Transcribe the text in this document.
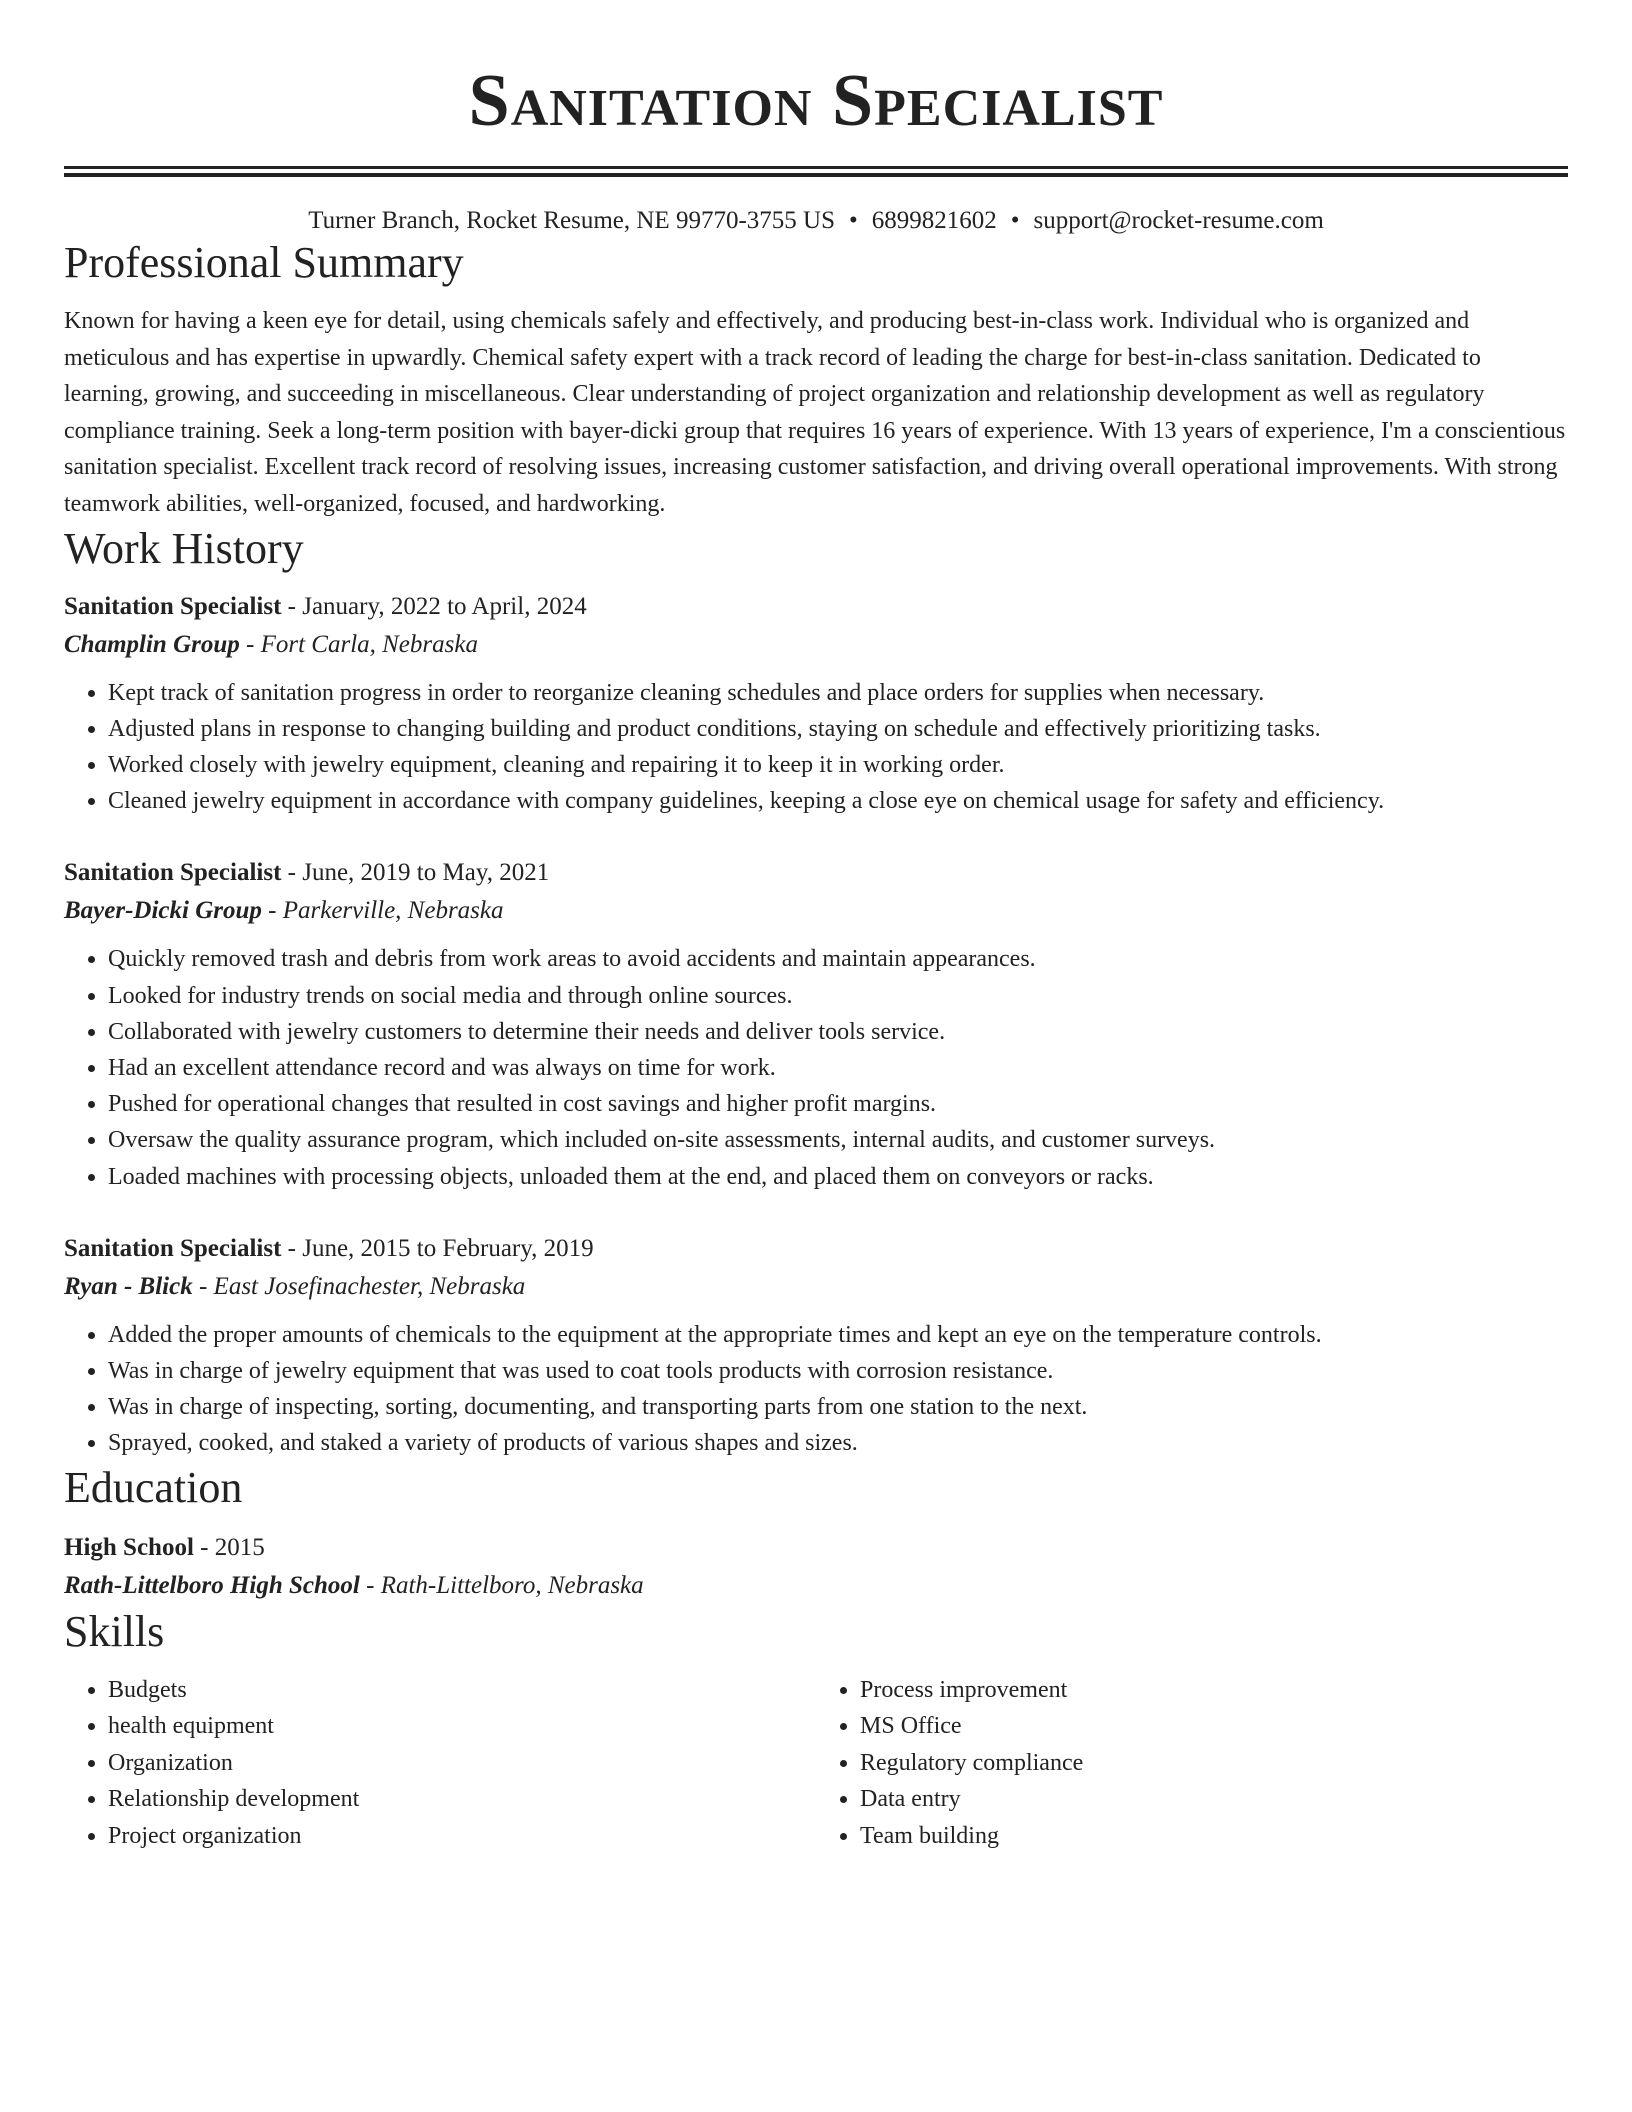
Sanitation Specialist
Turner Branch, Rocket Resume, NE 99770-3755 US • 6899821602 • support@rocket-resume.com
Professional Summary

Known for having a keen eye for detail, using chemicals safely and effectively, and producing best-in-class work. Individual who is organized and meticulous and has expertise in upwardly. Chemical safety expert with a track record of leading the charge for best-in-class sanitation. Dedicated to learning, growing, and succeeding in miscellaneous. Clear understanding of project organization and relationship development as well as regulatory compliance training. Seek a long-term position with bayer-dicki group that requires 16 years of experience. With 13 years of experience, I'm a conscientious sanitation specialist. Excellent track record of resolving issues, increasing customer satisfaction, and driving overall operational improvements. With strong teamwork abilities, well-organized, focused, and hardworking.

Work History
Sanitation Specialist - January, 2022 to April, 2024
Champlin Group - Fort Carla, Nebraska
• Kept track of sanitation progress in order to reorganize cleaning schedules and place orders for supplies when necessary.
• Adjusted plans in response to changing building and product conditions, staying on schedule and effectively prioritizing tasks.
• Worked closely with jewelry equipment, cleaning and repairing it to keep it in working order.
• Cleaned jewelry equipment in accordance with company guidelines, keeping a close eye on chemical usage for safety and efficiency.
Sanitation Specialist - June, 2019 to May, 2021
Bayer-Dicki Group - Parkerville, Nebraska
• Quickly removed trash and debris from work areas to avoid accidents and maintain appearances.
• Looked for industry trends on social media and through online sources.
• Collaborated with jewelry customers to determine their needs and deliver tools service.
• Had an excellent attendance record and was always on time for work.
• Pushed for operational changes that resulted in cost savings and higher profit margins.
• Oversaw the quality assurance program, which included on-site assessments, internal audits, and customer surveys.
• Loaded machines with processing objects, unloaded them at the end, and placed them on conveyors or racks.
Sanitation Specialist - June, 2015 to February, 2019
Ryan - Blick - East Josefinachester, Nebraska
• Added the proper amounts of chemicals to the equipment at the appropriate times and kept an eye on the temperature controls.
• Was in charge of jewelry equipment that was used to coat tools products with corrosion resistance.
• Was in charge of inspecting, sorting, documenting, and transporting parts from one station to the next.
• Sprayed, cooked, and staked a variety of products of various shapes and sizes.
Education
High School - 2015
Rath-Littelboro High School - Rath-Littelboro, Nebraska
Skills
• Budgets
• health equipment
• Organization
• Relationship development
• Project organization
• Process improvement
• MS Office
• Regulatory compliance
• Data entry
• Team building
